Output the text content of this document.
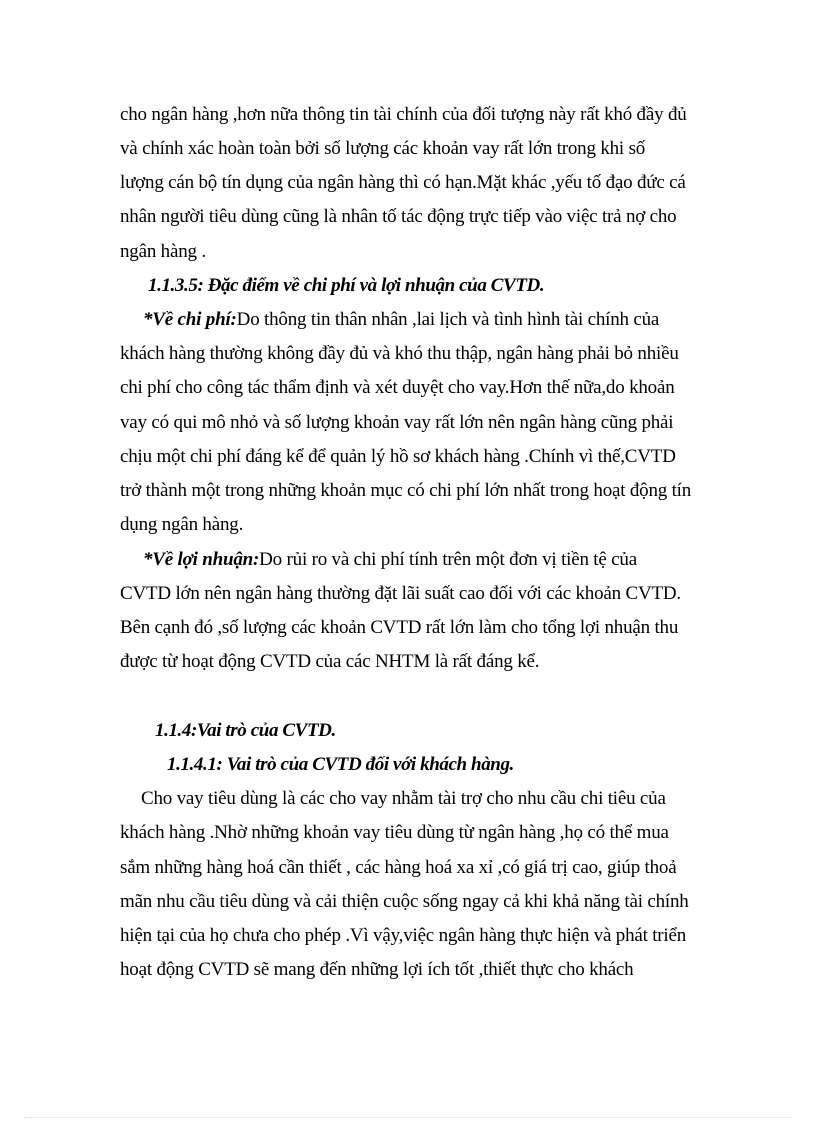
cho ngân hàng ,hơn nữa thông tin tài chính của đối tượng này rất khó đầy đủ
và chính xác hoàn toàn bởi số lượng các khoản vay rất lớn trong khi số
lượng cán bộ tín dụng của ngân hàng thì có hạn.Mặt khác ,yếu tố đạo đức cá
nhân người tiêu dùng cũng là nhân tố tác động trực tiếp vào việc trả nợ cho
ngân hàng .
1.1.3.5: Đặc điểm về chi phí và lợi nhuận của CVTD.
*Về chi phí:Do thông tin thân nhân ,lai lịch và tình hình tài chính của
khách hàng thường không đầy đủ và khó thu thập, ngân hàng phải bỏ nhiều
chi phí cho công tác thẩm định và xét duyệt cho vay.Hơn thế nữa,do khoản
vay có qui mô nhỏ và số lượng khoản vay rất lớn nên ngân hàng cũng phải
chịu một chi phí đáng kể để quản lý hồ sơ khách hàng .Chính vì thế,CVTD
trở thành một trong những khoản mục có chi phí lớn nhất trong hoạt động tín
dụng ngân hàng.
*Về lợi nhuận:Do rủi ro và chi phí tính trên một đơn vị tiền tệ của
CVTD lớn nên ngân hàng thường đặt lãi suất cao đối với các khoản CVTD.
Bên cạnh đó ,số lượng các khoản CVTD rất lớn làm cho tổng lợi nhuận thu
được từ hoạt động CVTD của các NHTM là rất đáng kể.
1.1.4:Vai trò của CVTD.
1.1.4.1: Vai trò của CVTD đối với khách hàng.
Cho vay tiêu dùng là các cho vay nhằm tài trợ cho nhu cầu chi tiêu của
khách hàng .Nhờ những khoản vay tiêu dùng từ ngân hàng ,họ có thể mua
sắm những hàng hoá cần thiết , các hàng hoá xa xỉ ,có giá trị cao, giúp thoả
mãn nhu cầu tiêu dùng và cải thiện cuộc sống ngay cả khi khả năng tài chính
hiện tại của họ chưa cho phép .Vì vậy,việc ngân hàng thực hiện và phát triển
hoạt động CVTD sẽ mang đến những lợi ích tốt ,thiết thực cho khách
